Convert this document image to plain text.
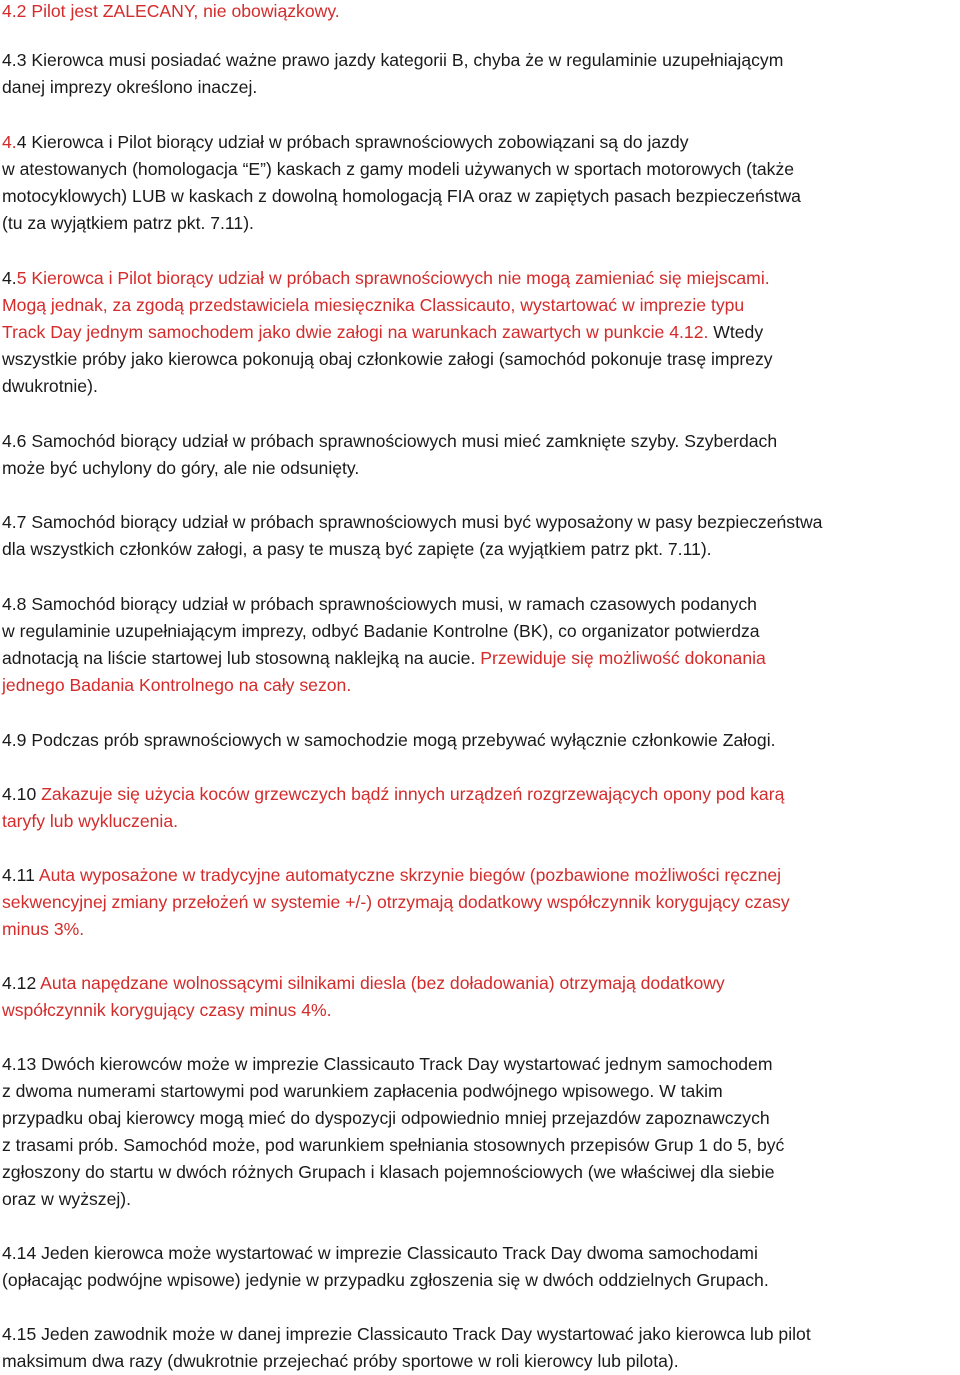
4.2 Pilot jest ZALECANY, nie obowiązkowy.

4.3 Kierowca musi posiadać ważne prawo jazdy kategorii B, chyba że w regulaminie uzupełniającym
danej imprezy określono inaczej.

4.4 Kierowca i Pilot biorący udział w próbach sprawnościowych zobowiązani są do jazdy
w atestowanych (homologacja “E”) kaskach z gamy modeli używanych w sportach motorowych (także
motocyklowych) LUB w kaskach z dowolną homologacją FIA oraz w zapiętych pasach bezpieczeństwa
(tu za wyjątkiem patrz pkt. 7.11).

4.5 Kierowca i Pilot biorący udział w próbach sprawnościowych nie mogą zamieniać się miejscami.
Mogą jednak, za zgodą przedstawiciela miesięcznika Classicauto, wystartować w imprezie typu
Track Day jednym samochodem jako dwie załogi na warunkach zawartych w punkcie 4.12. Wtedy
wszystkie próby jako kierowca pokonują obaj członkowie załogi (samochód pokonuje trasę imprezy
dwukrotnie).

4.6 Samochód biorący udział w próbach sprawnościowych musi mieć zamknięte szyby. Szyberdach
może być uchylony do góry, ale nie odsunięty.

4.7 Samochód biorący udział w próbach sprawnościowych musi być wyposażony w pasy bezpieczeństwa
dla wszystkich członków załogi, a pasy te muszą być zapięte (za wyjątkiem patrz pkt. 7.11).

4.8 Samochód biorący udział w próbach sprawnościowych musi, w ramach czasowych podanych
w regulaminie uzupełniającym imprezy, odbyć Badanie Kontrolne (BK), co organizator potwierdza
adnotacją na liście startowej lub stosowną naklejką na aucie. Przewiduje się możliwość dokonania
jednego Badania Kontrolnego na cały sezon.

4.9 Podczas prób sprawnościowych w samochodzie mogą przebywać wyłącznie członkowie Załogi.

4.10 Zakazuje się użycia koców grzewczych bądź innych urządzeń rozgrzewających opony pod karą
taryfy lub wykluczenia.

4.11 Auta wyposażone w tradycyjne automatyczne skrzynie biegów (pozbawione możliwości ręcznej
sekwencyjnej zmiany przełożeń w systemie +/-) otrzymają dodatkowy współczynnik korygujący czasy
minus 3%.

4.12 Auta napędzane wolnossącymi silnikami diesla (bez doładowania) otrzymają dodatkowy
współczynnik korygujący czasy minus 4%.

4.13 Dwóch kierowców może w imprezie Classicauto Track Day wystartować jednym samochodem
z dwoma numerami startowymi pod warunkiem zapłacenia podwójnego wpisowego. W takim
przypadku obaj kierowcy mogą mieć do dyspozycji odpowiednio mniej przejazdów zapoznawczych
z trasami prób. Samochód może, pod warunkiem spełniania stosownych przepisów Grup 1 do 5, być
zgłoszony do startu w dwóch różnych Grupach i klasach pojemnościowych (we właściwej dla siebie
oraz w wyższej).

4.14 Jeden kierowca może wystartować w imprezie Classicauto Track Day dwoma samochodami
(opłacając podwójne wpisowe) jedynie w przypadku zgłoszenia się w dwóch oddzielnych Grupach.

4.15 Jeden zawodnik może w danej imprezie Classicauto Track Day wystartować jako kierowca lub pilot
maksimum dwa razy (dwukrotnie przejechać próby sportowe w roli kierowcy lub pilota).
